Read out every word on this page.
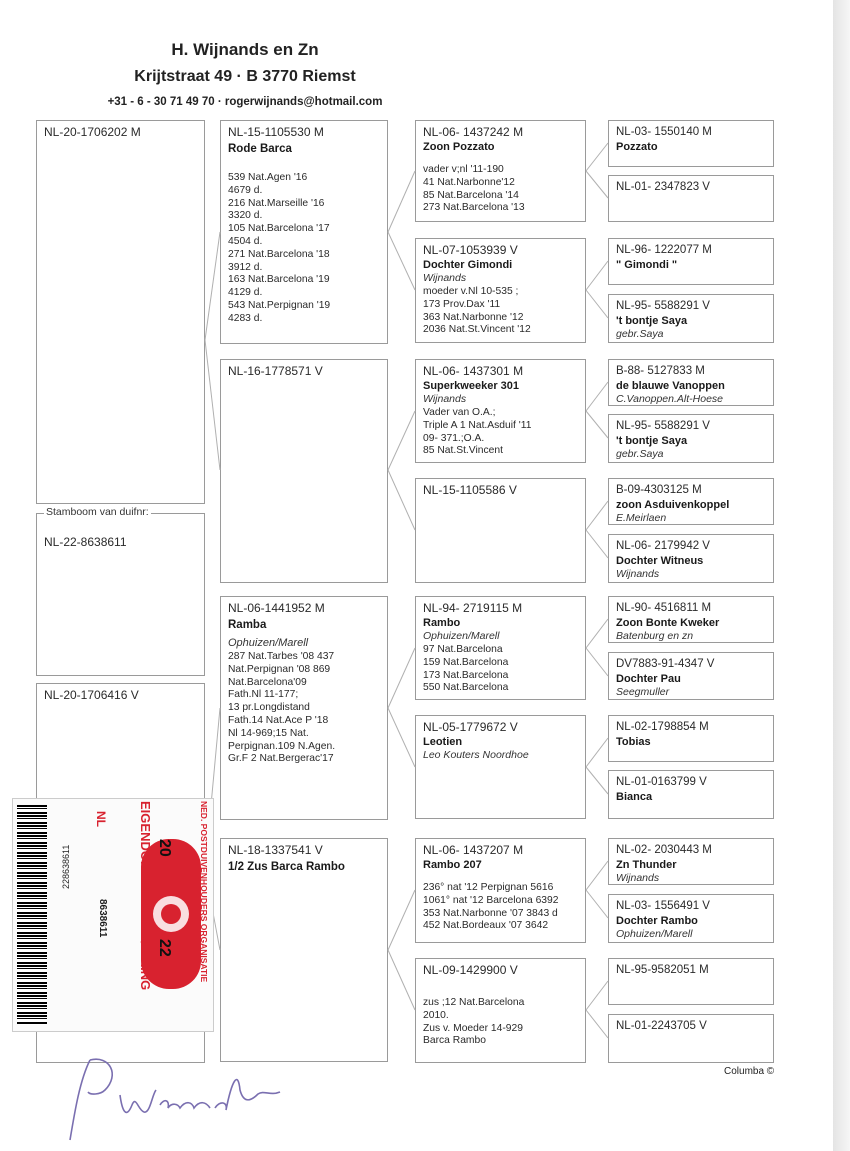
H. Wijnands en Zn
Krijtstraat 49 · B 3770 Riemst
+31 - 6 - 30 71 49 70 · rogerwijnands@hotmail.com
NL-20-1706202 M
NL-22-8638611
Stamboom van duifnr:
NL-20-1706416 V
NL-15-1105530 M
Rode Barca
539 Nat.Agen '16
4679 d.
216 Nat.Marseille '16
3320 d.
105 Nat.Barcelona '17
4504 d.
271 Nat.Barcelona '18
3912 d.
163 Nat.Barcelona '19
4129 d.
543 Nat.Perpignan '19
4283 d.
NL-16-1778571 V
NL-06-1441952 M
Ramba
Ophuizen/Marell
287 Nat.Tarbes '08 437
Nat.Perpignan '08 869
Nat.Barcelona'09
Fath.Nl 11-177;
13 pr.Longdistand
Fath.14 Nat.Ace P '18
Nl 14-969;15 Nat.
Perpignan.109 N.Agen.
Gr.F 2 Nat.Bergerac'17
NL-18-1337541 V
1/2 Zus Barca Rambo
NL-06- 1437242 M
Zoon Pozzato
vader v;nl '11-190
41 Nat.Narbonne'12
85 Nat.Barcelona '14
273 Nat.Barcelona '13
NL-07-1053939 V
Dochter Gimondi
Wijnands
moeder v.Nl 10-535 ;
173 Prov.Dax '11
363 Nat.Narbonne '12
2036 Nat.St.Vincent '12
NL-06- 1437301 M
Superkweeker 301
Wijnands
Vader van O.A.;
Triple A 1 Nat.Asduif '11
09- 371.;O.A.
85 Nat.St.Vincent
NL-15-1105586 V
NL-94- 2719115 M
Rambo
Ophuizen/Marell
97 Nat.Barcelona
159 Nat.Barcelona
173 Nat.Barcelona
550 Nat.Barcelona
NL-05-1779672 V
Leotien
Leo Kouters Noordhoe
NL-06- 1437207 M
Rambo 207
236° nat '12 Perpignan 5616
1061° nat '12 Barcelona 6392
353 Nat.Narbonne '07 3843 d
452 Nat.Bordeaux '07 3642
NL-09-1429900 V
zus ;12 Nat.Barcelona
2010.
Zus v. Moeder 14-929
Barca Rambo
NL-03- 1550140 M
Pozzato
NL-01- 2347823 V
NL-96- 1222077 M
" Gimondi "
NL-95- 5588291 V
't bontje Saya
gebr.Saya
B-88- 5127833 M
de blauwe Vanoppen
C.Vanoppen.Alt-Hoese
NL-95- 5588291 V
't bontje Saya
gebr.Saya
B-09-4303125 M
zoon Asduivenkoppel
E.Meirlaen
NL-06- 2179942 V
Dochter Witneus
Wijnands
NL-90- 4516811 M
Zoon Bonte Kweker
Batenburg en zn
DV7883-91-4347 V
Dochter Pau
Seegmuller
NL-02-1798854 M
Tobias
NL-01-0163799 V
Bianca
NL-02- 2030443 M
Zn Thunder
Wijnands
NL-03- 1556491 V
Dochter Rambo
Ophuizen/Marell
NL-95-9582051 M
NL-01-2243705 V
228638611
8638611
NL
20
22
EIGENDOMSBEWIJS v/D RING	NED. POSTDUIVENHOUDERS ORGANISATIE
Columba ©
